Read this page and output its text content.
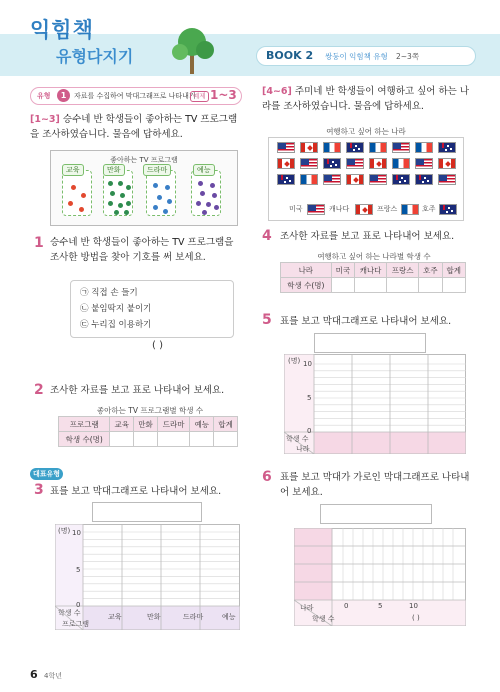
익힘책
유형다지기	BOOK 2 쌍둥이 익힘책 유형 2~3쪽
유형	1	자료를 수집하여 막대그래프로 나타내기
예제 1~3
[1~3] 승수네 반 학생들이 좋아하는 TV 프로그램을 조사하였습니다. 물음에 답하세요.
좋아하는 TV 프로그램
교육	만화	드라마	예능
1 승수네 반 학생들이 좋아하는 TV 프로그램을 조사한 방법을 찾아 기호를 써 보세요.
㉠ 직접 손 들기
㉡ 붙임딱지 붙이기
㉢ 누리집 이용하기
( )
2 조사한 자료를 보고 표로 나타내어 보세요.
좋아하는 TV 프로그램별 학생 수
프로그램	교육	만화	드라마	예능	합계
학생 수(명)					
대표유형
3 표를 보고 막대그래프로 나타내어 보세요.
(명) 10
5
0
학생 수
프로그램
교육	만화	드라마	예능
[4~6] 주미네 반 학생들이 여행하고 싶어 하는 나라를 조사하였습니다. 물음에 답하세요.
여행하고 싶어 하는 나라
미국	캐나다	프랑스	호주
4 조사한 자료를 보고 표로 나타내어 보세요.
여행하고 싶어 하는 나라별 학생 수
나라	미국	캐나다	프랑스	호주	합계
학생 수(명)					
5 표를 보고 막대그래프로 나타내어 보세요.
(명) 10
5
0
학생 수
나라
6 표를 보고 막대가 가로인 막대그래프로 나타내어 보세요.
나라
학생 수
0	5	10
( )
6 4학년
